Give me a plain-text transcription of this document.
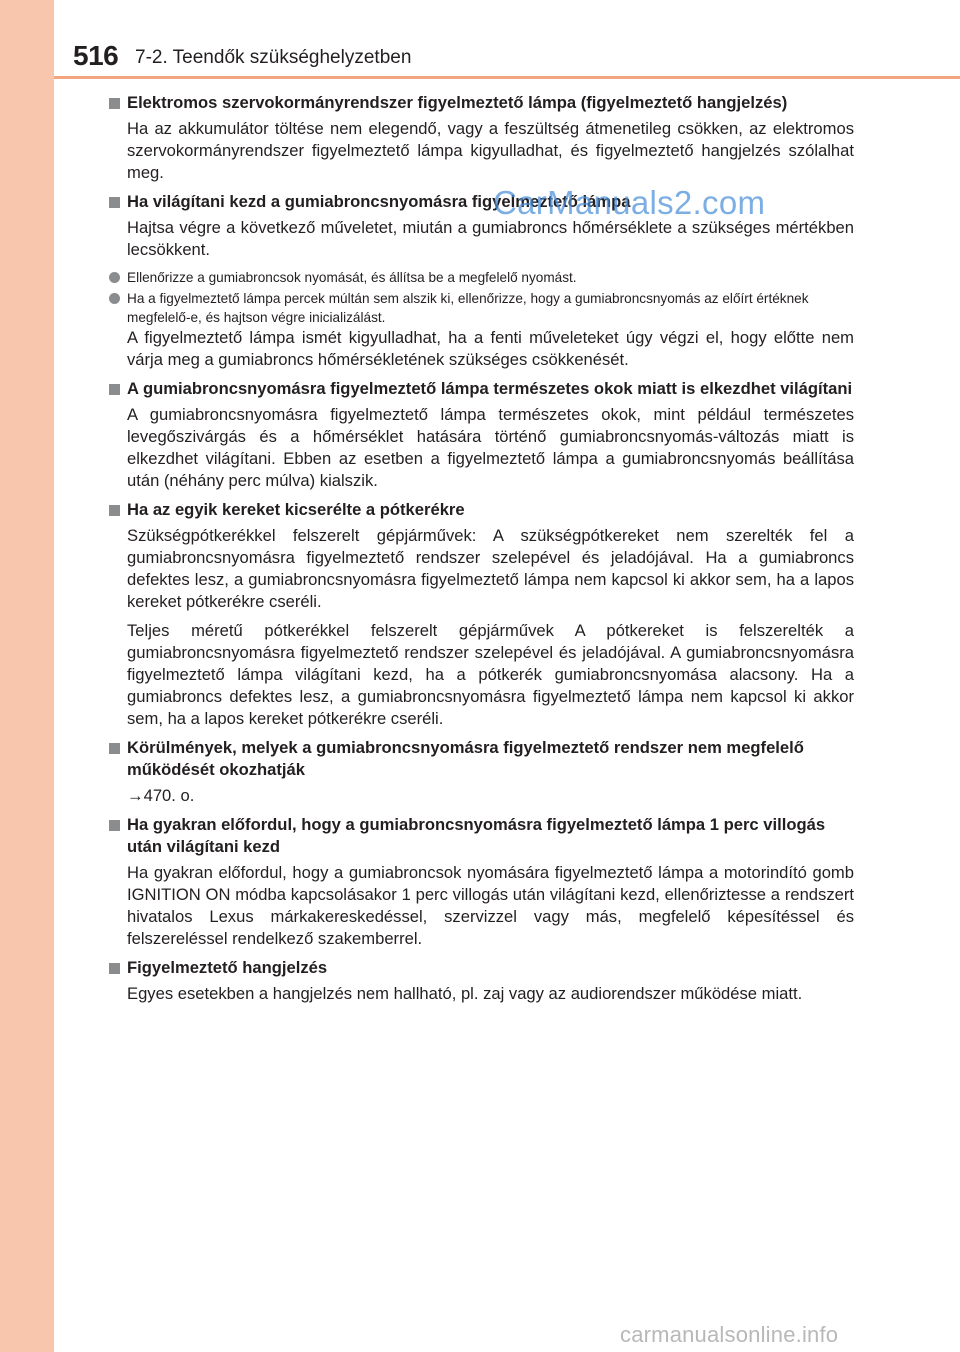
516 7-2. Teendők szükséghelyzetben
Elektromos szervokormányrendszer figyelmeztető lámpa (figyelmeztető hangjelzés)

Ha az akkumulátor töltése nem elegendő, vagy a feszültség átmenetileg csökken, az elektromos szervokormányrendszer figyelmeztető lámpa kigyulladhat, és figyelmeztető hangjelzés szólalhat meg.

Ha világítani kezd a gumiabroncsnyomásra figyelmeztető lámpa

Hajtsa végre a következő műveletet, miután a gumiabroncs hőmérséklete a szükséges mértékben lecsökkent.

Ellenőrizze a gumiabroncsok nyomását, és állítsa be a megfelelő nyomást.
Ha a figyelmeztető lámpa percek múltán sem alszik ki, ellenőrizze, hogy a gumiabroncsnyomás az előírt értéknek megfelelő-e, és hajtson végre inicializálást.

A figyelmeztető lámpa ismét kigyulladhat, ha a fenti műveleteket úgy végzi el, hogy előtte nem várja meg a gumiabroncs hőmérsékletének szükséges csökkenését.

A gumiabroncsnyomásra figyelmeztető lámpa természetes okok miatt is elkezdhet világítani

A gumiabroncsnyomásra figyelmeztető lámpa természetes okok, mint például természetes levegőszivárgás és a hőmérséklet hatására történő gumiabroncsnyomás-változás miatt is elkezdhet világítani. Ebben az esetben a figyelmeztető lámpa a gumiabroncsnyomás beállítása után (néhány perc múlva) kialszik.

Ha az egyik kereket kicserélte a pótkerékre

Szükségpótkerékkel felszerelt gépjárművek: A szükségpótkereket nem szerelték fel a gumiabroncsnyomásra figyelmeztető rendszer szelepével és jeladójával. Ha a gumiabroncs defektes lesz, a gumiabroncsnyomásra figyelmeztető lámpa nem kapcsol ki akkor sem, ha a lapos kereket pótkerékre cseréli.

Teljes méretű pótkerékkel felszerelt gépjárművek A pótkereket is felszerelték a gumiabroncsnyomásra figyelmeztető rendszer szelepével és jeladójával. A gumiabroncsnyomásra figyelmeztető lámpa világítani kezd, ha a pótkerék gumiabroncsnyomása alacsony. Ha a gumiabroncs defektes lesz, a gumiabroncsnyomásra figyelmeztető lámpa nem kapcsol ki akkor sem, ha a lapos kereket pótkerékre cseréli.

Körülmények, melyek a gumiabroncsnyomásra figyelmeztető rendszer nem megfelelő működését okozhatják

→470. o.

Ha gyakran előfordul, hogy a gumiabroncsnyomásra figyelmeztető lámpa 1 perc villogás után világítani kezd

Ha gyakran előfordul, hogy a gumiabroncsok nyomására figyelmeztető lámpa a motorindító gomb IGNITION ON módba kapcsolásakor 1 perc villogás után világítani kezd, ellenőriztesse a rendszert hivatalos Lexus márkakereskedéssel, szervizzel vagy más, megfelelő képesítéssel és felszereléssel rendelkező szakemberrel.

Figyelmeztető hangjelzés

Egyes esetekben a hangjelzés nem hallható, pl. zaj vagy az audiorendszer működése miatt.

CarManuals2.com
carmanualsonline.info
